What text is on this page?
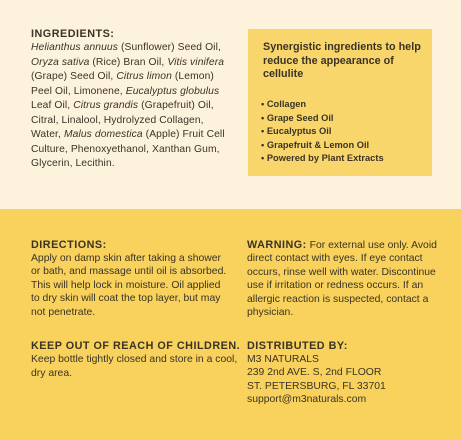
INGREDIENTS:
Helianthus annuus (Sunflower) Seed Oil, Oryza sativa (Rice) Bran Oil, Vitis vinifera (Grape) Seed Oil, Citrus limon (Lemon) Peel Oil, Limonene, Eucalyptus globulus Leaf Oil, Citrus grandis (Grapefruit) Oil, Citral, Linalool, Hydrolyzed Collagen, Water, Malus domestica (Apple) Fruit Cell Culture, Phenoxyethanol, Xanthan Gum, Glycerin, Lecithin.
Synergistic ingredients to help reduce the appearance of cellulite
• Collagen
• Grape Seed Oil
• Eucalyptus Oil
• Grapefruit & Lemon Oil
• Powered by Plant Extracts
DIRECTIONS:
Apply on damp skin after taking a shower or bath, and massage until oil is absorbed. This will help lock in moisture. Oil applied to dry skin will coat the top layer, but may not penetrate.
KEEP OUT OF REACH OF CHILDREN. Keep bottle tightly closed and store in a cool, dry area.
WARNING: For external use only. Avoid direct contact with eyes. If eye contact occurs, rinse well with water. Discontinue use if irritation or redness occurs. If an allergic reaction is suspected, contact a physician.
DISTRIBUTED BY:
M3 NATURALS
239 2nd AVE. S, 2nd FLOOR
ST. PETERSBURG, FL 33701
support@m3naturals.com
